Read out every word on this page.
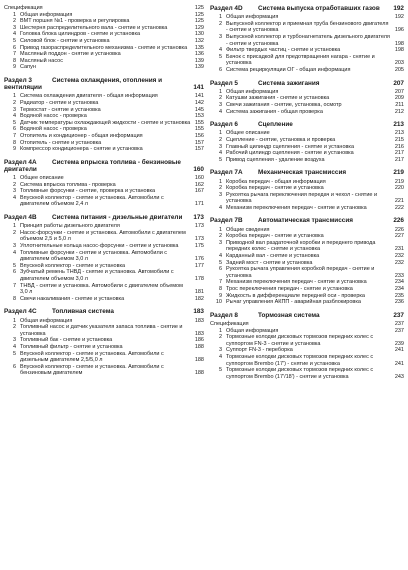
Спецификация	125
1 Общая информация	125
2 ВМТ поршня №1 - проверка и регулировка	125
3 Шестерня распределительного вала - снятие и установка	129
4 Головка блока цилиндров - снятие и установка	130
5 Силовой блок - снятие и установка	132
6 Привод газораспределительного механизма - снятие и установка	135
7 Масляный поддон - снятие и установка	136
8 Масляный насос	139
9 Сапун	139
Раздел 3	Система охлаждения, отопления и вентиляции	141
1 Система охлаждения двигателя - общая информация	141
2 Радиатор - снятие и установка	142
3 Термостат - снятие и установка	145
4 Водяной насос - проверка	153
5 Датчик температуры охлаждающей жидкости - снятие и установка 155
6 Водяной насос - проверка	155
7 Отопитель и кондиционер - общая информация	156
8 Отопитель - снятие и установка	157
9 Компрессор кондиционера - снятие и установка	157
Раздел 4А Система впрыска топлива - бензиновые двигатели	160
1 Общее описание	160
2 Система впрыска топлива - проверка	162
3 Топливные форсунки - снятие, проверка и установка	167
4 Впускной коллектор - снятие и установка. Автомобили с двигателем объемом 2,4 л	171
Раздел 4В Система питания - дизельные двигатели 173
1 Принцип работы дизельного двигателя	173
2 Насос-форсунки - снятие и установка. Автомобили с двигателем объемом 2,5 и 5,0 л	173
3 Уплотнительные кольца насос-форсунки - снятие и установка	175
4 Топливные форсунки - снятие и установка. Автомобили с двигателем объемом 3,0 л	176
5 Впускной коллектор - снятие и установка	177
6 Зубчатый ремень ТНВД - снятие и установка. Автомобили с двигателем объемом 3,0 л	178
7 ТНВД - снятие и установка. Автомобили с двигателем объемом 3,0 л	181
8 Свечи накаливания - снятие и установка	182
Раздел 4С Топливная система	183
1 Общая информация	183
2 Топливный насос и датчик указателя запаса топлива - снятие и установка	183
3 Топливный бак - снятие и установка	186
4 Топливный фильтр - снятие и установка	188
5 Впускной коллектор - снятие и установка. Автомобили с дизельным двигателем 2,5/5,0 л	188
6 Впускной коллектор - снятие и установка. Автомобили с бензиновым двигателем	188
Раздел 4D Система выпуска отработавших газов 192
1 Общая информация	192
2 Выпускной коллектор и приемная труба бензинового двигателя - снятие и установка	196
3 Выпускной коллектор и турбонагнетатель дизельного двигателя - снятие и установка	198
4 Фильтр твердых частиц - снятие и установка	198
5 Бачок с присадкой для предотвращения нагара - снятие и установка	203
6 Система рециркуляции ОГ - общая информация	205
Раздел 5	Система зажигания	207
1 Общая информация	207
2 Катушки зажигания - снятие и установка	209
3 Свечи зажигания - снятие, установка, осмотр	211
4 Система зажигания - общая проверка	212
Раздел 6	Сцепление	213
1 Общее описание	213
2 Сцепление - снятие, установка и проверка	215
3 Главный цилиндр сцепления - снятие и установка	216
4 Рабочий цилиндр сцепления - снятие и установка	217
5 Привод сцепления - удаление воздуха	217
Раздел 7А Механическая трансмиссия	219
1 Коробка передач - общая информация	219
2 Коробка передач - снятие и установка	220
3 Рукоятка рычага переключения передач и чехол - снятие и установка	221
4 Механизм переключения передач - снятие и установка	222
Раздел 7В Автоматическая трансмиссия	226
1 Общие сведения	226
2 Коробка передач - снятие и установка	227
3 Приводной вал раздаточной коробки и переднего привода передних колес - снятие и установка	231
4 Карданный вал - снятие и установка	232
5 Задний мост - снятие и установка	232
6 Рукоятка рычага управления коробкой передач - снятие и установка	233
7 Механизм переключения передач - снятие и установка	234
8 Трос переключения передач - снятие и установка	234
9 Жидкость в дифференциале передней оси - проверка	235
10 Рычаг управления АКПП - аварийная разблокировка	236
Раздел 8	Тормозная система	237
Спецификация	237
1 Общая информация	237
2 Тормозные колодки дисковых тормозов передних колес с суппортом FN-3 - снятие и установка	239
3 Суппорт FN-3 - переборка	241
4 Тормозные колодки дисковых тормозов передних колес с суппортом Brembo (17') - снятие и установка	241
5 Тормозные колодки дисковых тормозов передних колес с суппортом Brembo (17'/18') - снятие и установка	243
